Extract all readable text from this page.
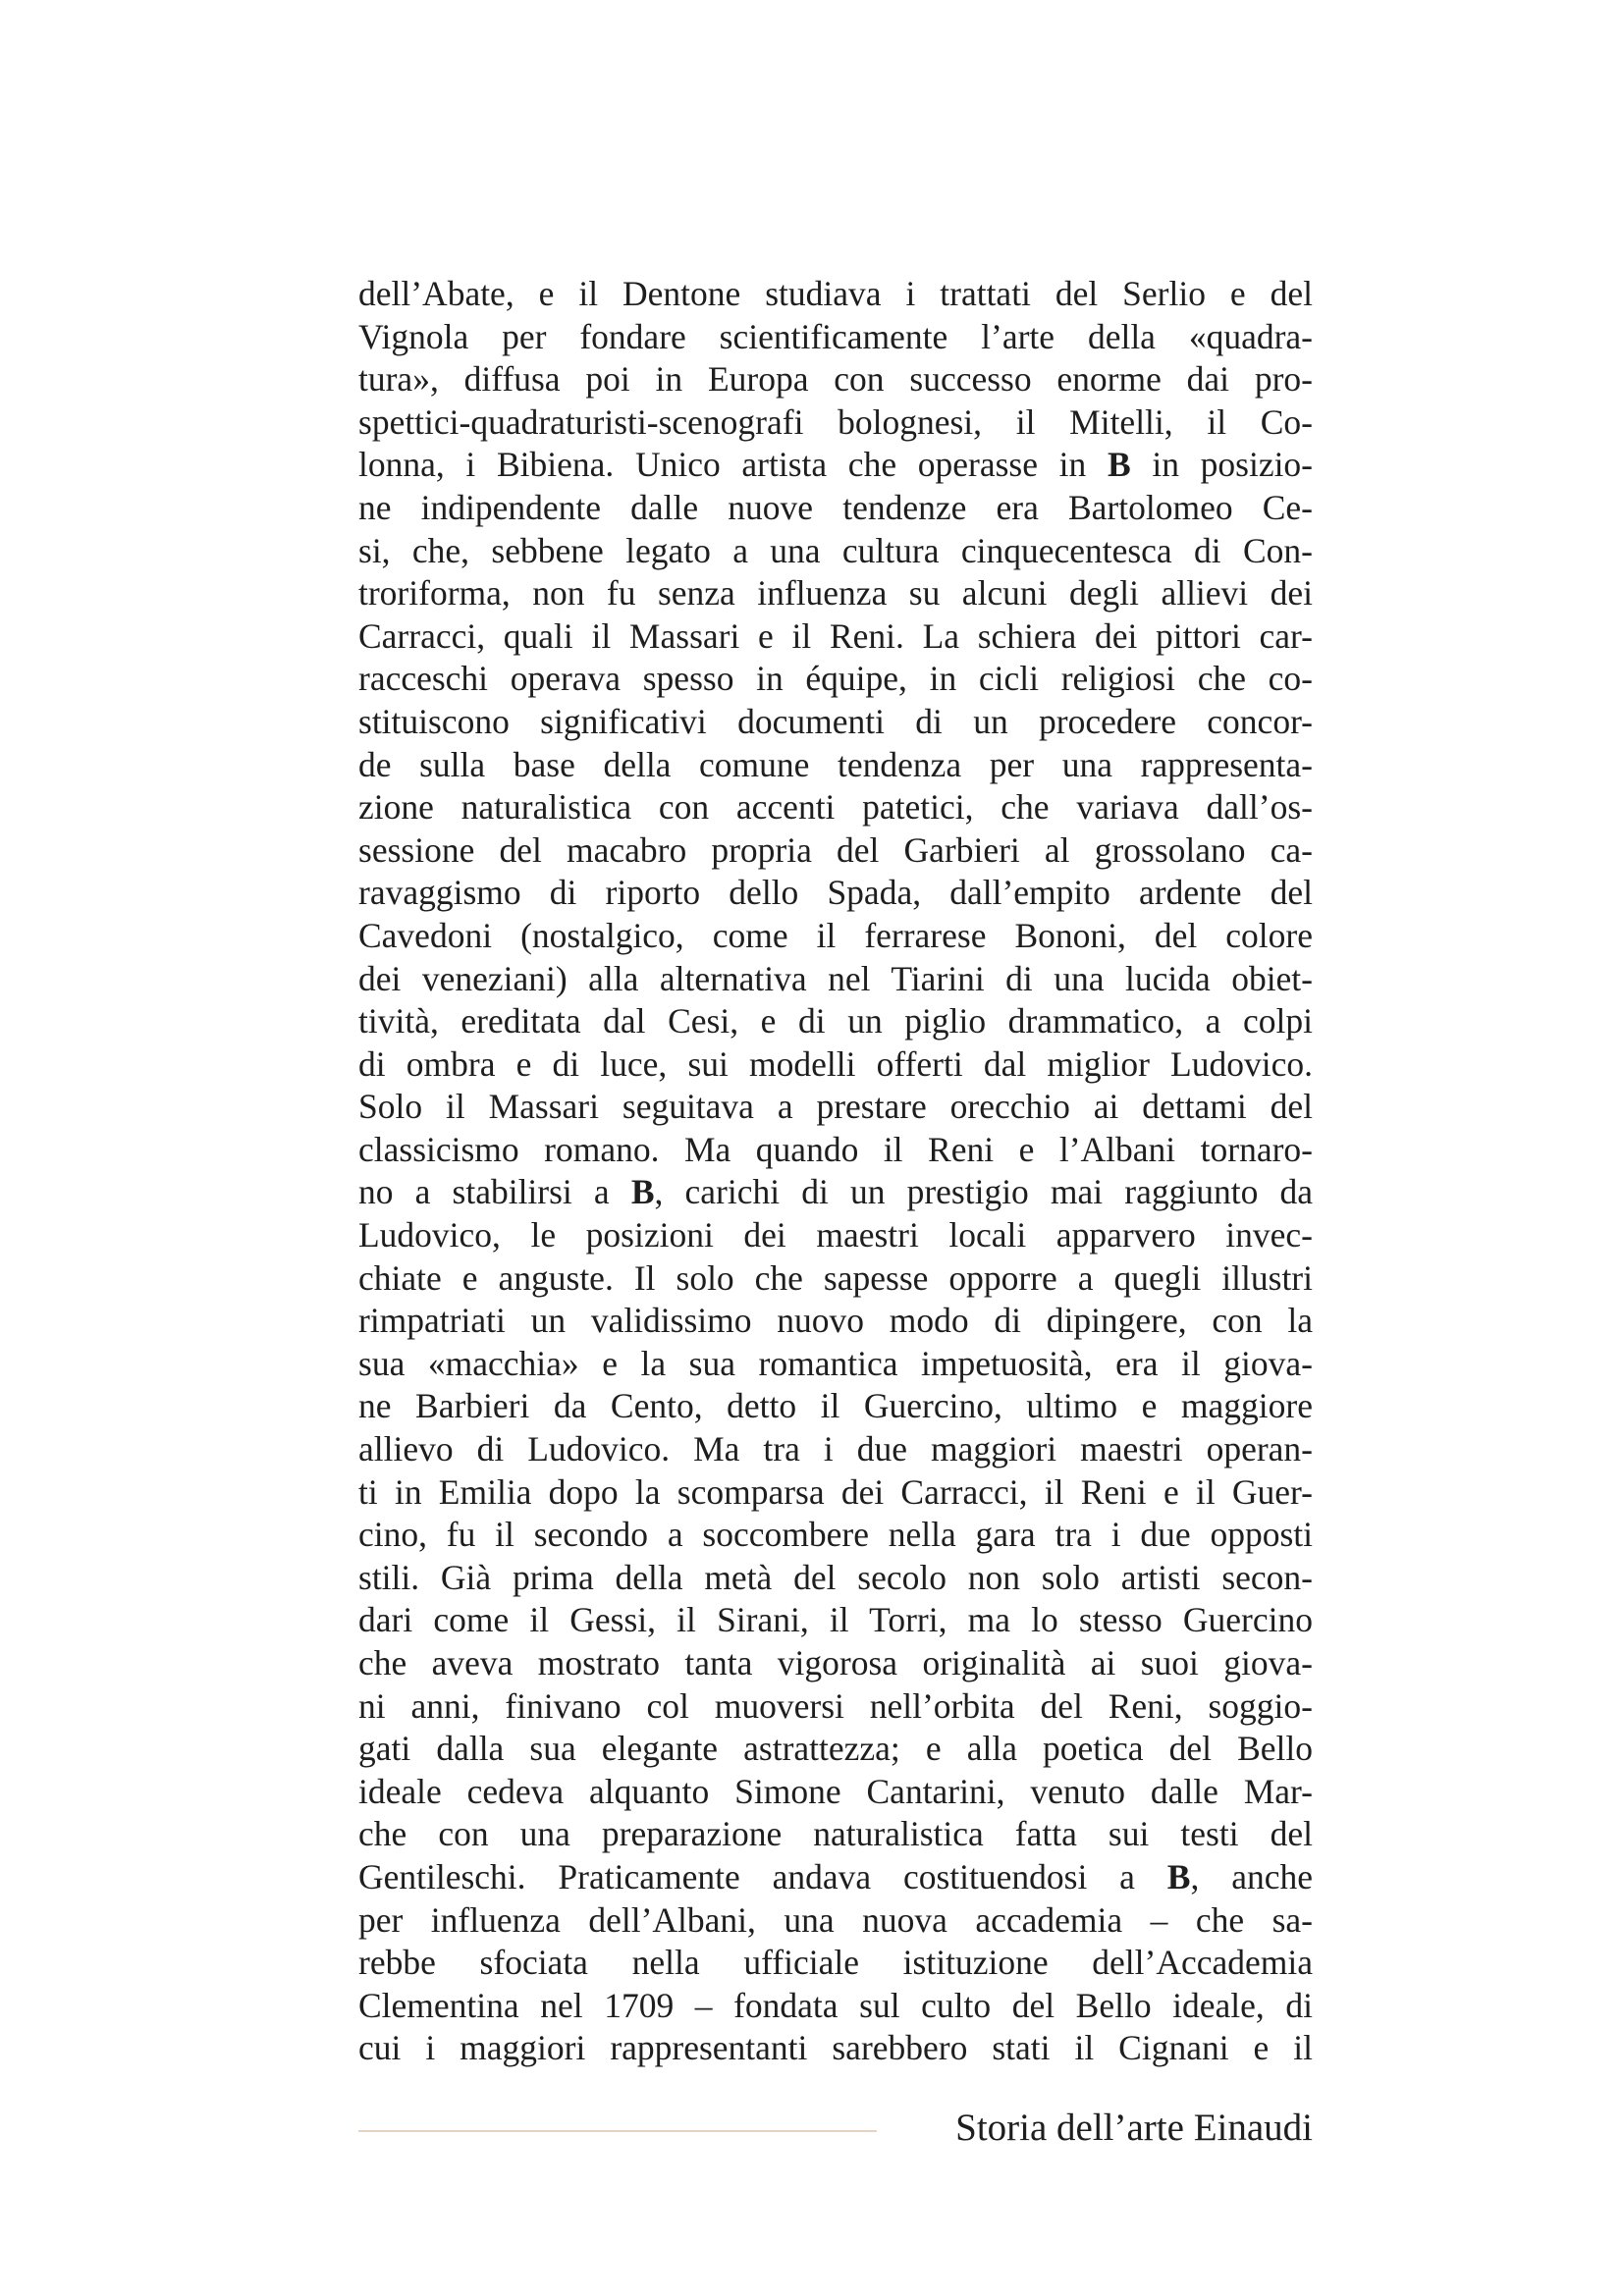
dell’Abate, e il Dentone studiava i trattati del Serlio e del
Vignola per fondare scientificamente l’arte della «quadra-
tura», diffusa poi in Europa con successo enorme dai pro-
spettici-quadraturisti-scenografi bolognesi, il Mitelli, il Co-
lonna, i Bibiena. Unico artista che operasse in B in posizio-
ne indipendente dalle nuove tendenze era Bartolomeo Ce-
si, che, sebbene legato a una cultura cinquecentesca di Con-
troriforma, non fu senza influenza su alcuni degli allievi dei
Carracci, quali il Massari e il Reni. La schiera dei pittori car-
racceschi operava spesso in équipe, in cicli religiosi che co-
stituiscono significativi documenti di un procedere concor-
de sulla base della comune tendenza per una rappresenta-
zione naturalistica con accenti patetici, che variava dall’os-
sessione del macabro propria del Garbieri al grossolano ca-
ravaggismo di riporto dello Spada, dall’empito ardente del
Cavedoni (nostalgico, come il ferrarese Bononi, del colore
dei veneziani) alla alternativa nel Tiarini di una lucida obiet-
tività, ereditata dal Cesi, e di un piglio drammatico, a colpi
di ombra e di luce, sui modelli offerti dal miglior Ludovico.
Solo il Massari seguitava a prestare orecchio ai dettami del
classicismo romano. Ma quando il Reni e l’Albani tornaro-
no a stabilirsi a B, carichi di un prestigio mai raggiunto da
Ludovico, le posizioni dei maestri locali apparvero invec-
chiate e anguste. Il solo che sapesse opporre a quegli illustri
rimpatriati un validissimo nuovo modo di dipingere, con la
sua «macchia» e la sua romantica impetuosità, era il giova-
ne Barbieri da Cento, detto il Guercino, ultimo e maggiore
allievo di Ludovico. Ma tra i due maggiori maestri operan-
ti in Emilia dopo la scomparsa dei Carracci, il Reni e il Guer-
cino, fu il secondo a soccombere nella gara tra i due opposti
stili. Già prima della metà del secolo non solo artisti secon-
dari come il Gessi, il Sirani, il Torri, ma lo stesso Guercino
che aveva mostrato tanta vigorosa originalità ai suoi giova-
ni anni, finivano col muoversi nell’orbita del Reni, soggio-
gati dalla sua elegante astrattezza; e alla poetica del Bello
ideale cedeva alquanto Simone Cantarini, venuto dalle Mar-
che con una preparazione naturalistica fatta sui testi del
Gentileschi. Praticamente andava costituendosi a B, anche
per influenza dell’Albani, una nuova accademia – che sa-
rebbe sfociata nella ufficiale istituzione dell’Accademia
Clementina nel 1709 – fondata sul culto del Bello ideale, di
cui i maggiori rappresentanti sarebbero stati il Cignani e il
Storia dell’arte Einaudi
